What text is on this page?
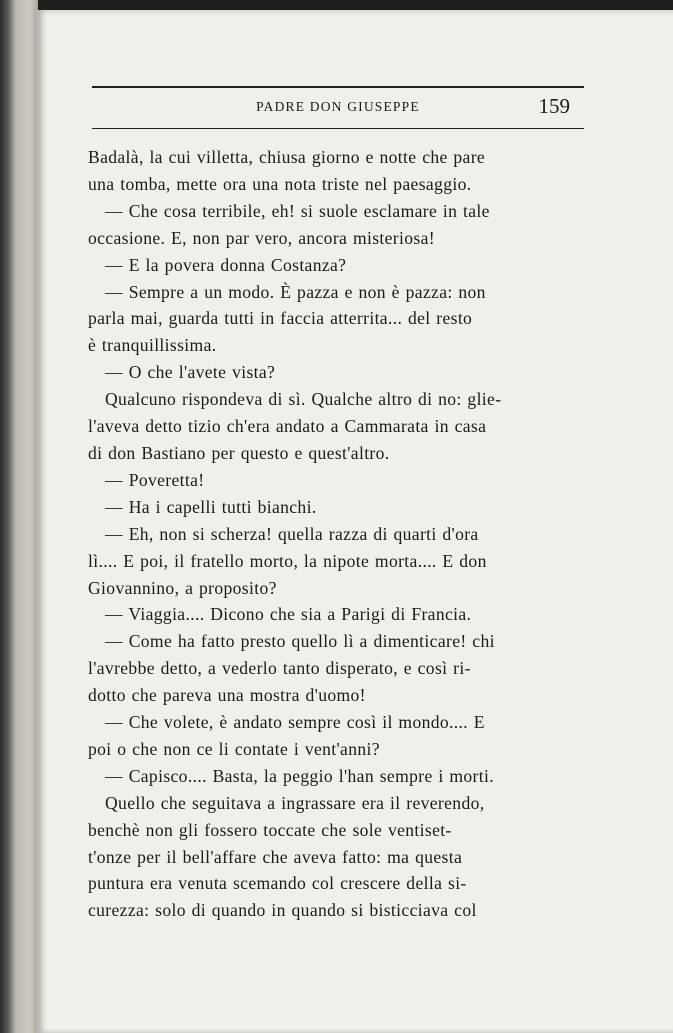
PADRE DON GIUSEPPE	159
Badalà, la cui villetta, chiusa giorno e notte che pare
una tomba, mette ora una nota triste nel paesaggio.
— Che cosa terribile, eh! si suole esclamare in tale
occasione. E, non par vero, ancora misteriosa!
— E la povera donna Costanza?
— Sempre a un modo. È pazza e non è pazza: non
parla mai, guarda tutti in faccia atterrita... del resto
è tranquillissima.
— O che l'avete vista?
Qualcuno rispondeva di sì. Qualche altro di no: glie-
l'aveva detto tizio ch'era andato a Cammarata in casa
di don Bastiano per questo e quest'altro.
— Poveretta!
— Ha i capelli tutti bianchi.
— Eh, non si scherza! quella razza di quarti d'ora
lì.... E poi, il fratello morto, la nipote morta.... E don
Giovannino, a proposito?
— Viaggia.... Dicono che sia a Parigi di Francia.
— Come ha fatto presto quello lì a dimenticare! chi
l'avrebbe detto, a vederlo tanto disperato, e così ri-
dotto che pareva una mostra d'uomo!
— Che volete, è andato sempre così il mondo.... E
poi o che non ce li contate i vent'anni?
— Capisco.... Basta, la peggio l'han sempre i morti.
Quello che seguitava a ingrassare era il reverendo,
benchè non gli fossero toccate che sole ventiset-
t'onze per il bell'affare che aveva fatto: ma questa
puntura era venuta scemando col crescere della si-
curezza: solo di quando in quando si bisticciava col
